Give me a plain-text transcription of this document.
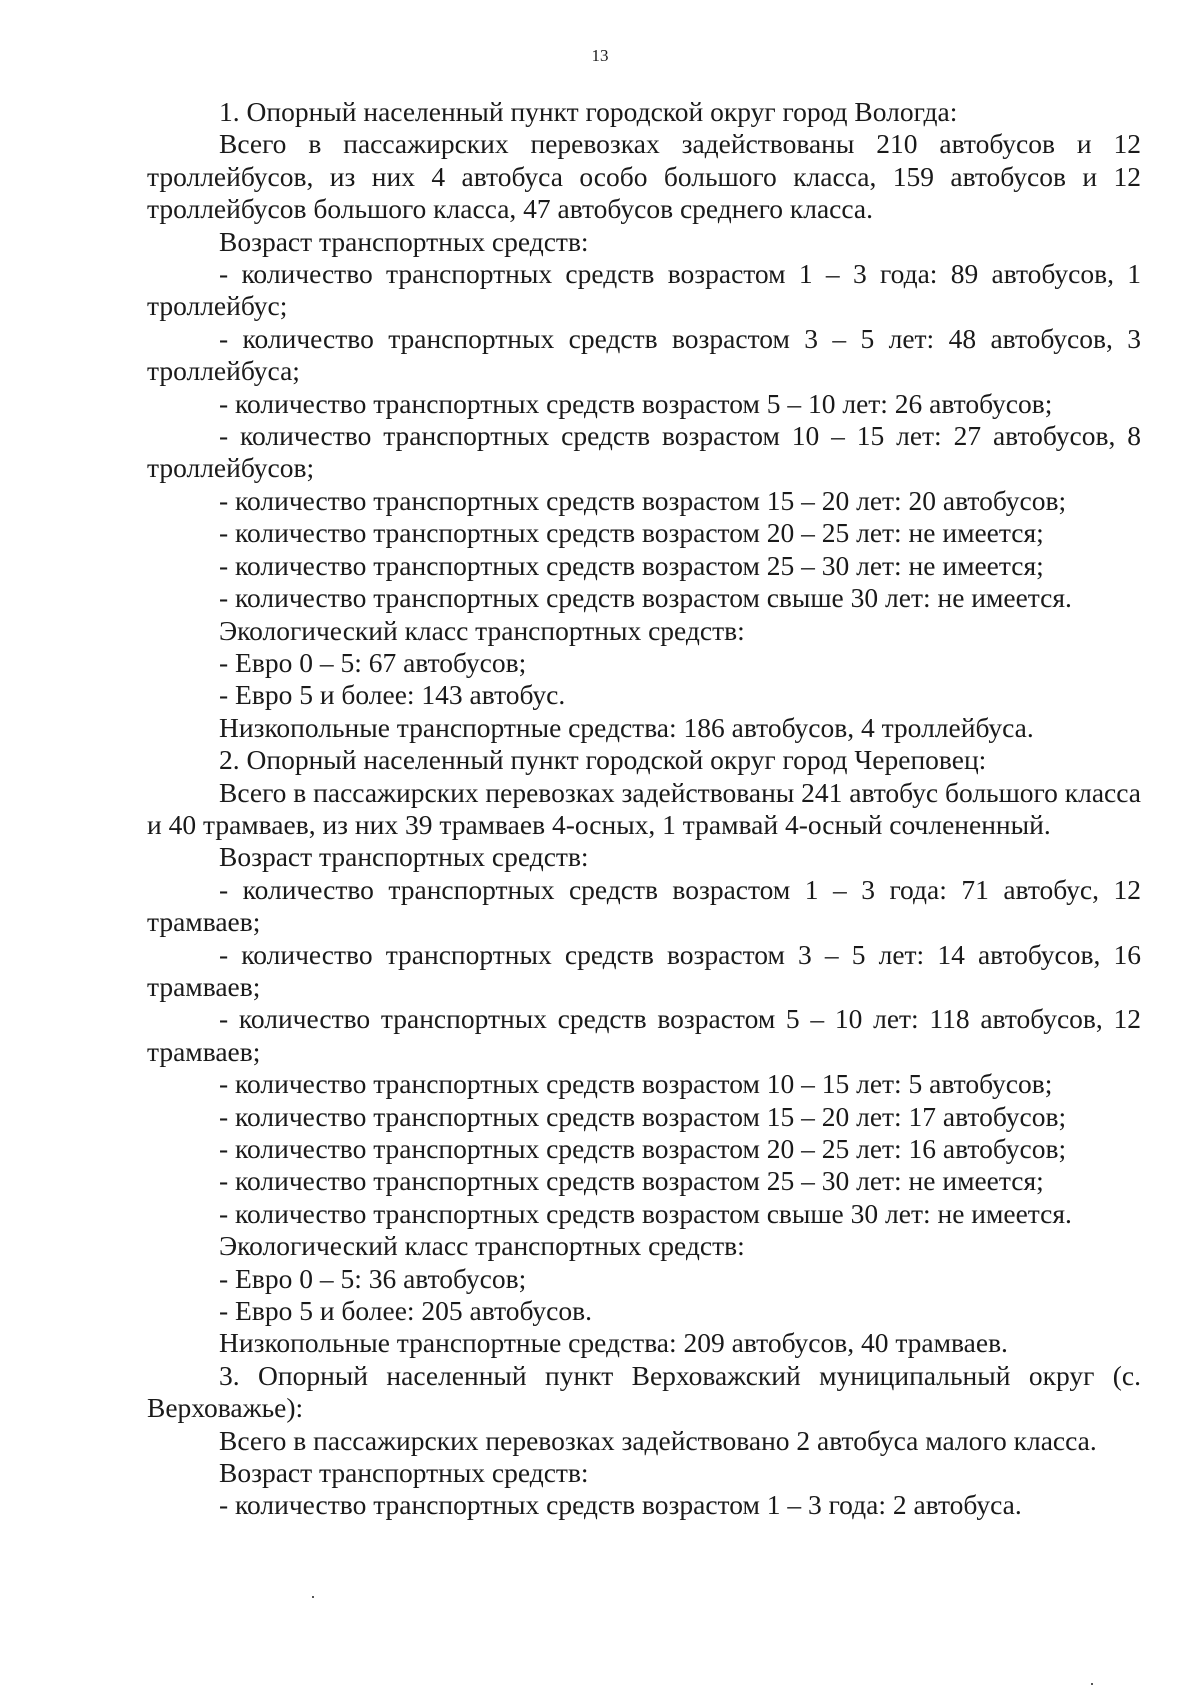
13

1. Опорный населенный пункт городской округ город Вологда:

Всего в пассажирских перевозках задействованы 210 автобусов и 12 троллейбусов, из них 4 автобуса особо большого класса, 159 автобусов и 12 троллейбусов большого класса, 47 автобусов среднего класса.

Возраст транспортных средств:

- количество транспортных средств возрастом 1 – 3 года: 89 автобусов, 1 троллейбус;

- количество транспортных средств возрастом 3 – 5 лет: 48 автобусов, 3 троллейбуса;

- количество транспортных средств возрастом 5 – 10 лет: 26 автобусов;

- количество транспортных средств возрастом 10 – 15 лет: 27 автобусов, 8 троллейбусов;

- количество транспортных средств возрастом 15 – 20 лет: 20 автобусов;

- количество транспортных средств возрастом 20 – 25 лет: не имеется;

- количество транспортных средств возрастом 25 – 30 лет: не имеется;

- количество транспортных средств возрастом свыше 30 лет: не имеется.

Экологический класс транспортных средств:

- Евро 0 – 5: 67 автобусов;

- Евро 5 и более: 143 автобус.

Низкопольные транспортные средства: 186 автобусов, 4 троллейбуса.

2. Опорный населенный пункт городской округ город Череповец:

Всего в пассажирских перевозках задействованы 241 автобус большого класса и 40 трамваев, из них 39 трамваев 4-осных, 1 трамвай 4-осный сочлененный.

Возраст транспортных средств:

- количество транспортных средств возрастом 1 – 3 года: 71 автобус, 12 трамваев;

- количество транспортных средств возрастом 3 – 5 лет: 14 автобусов, 16 трамваев;

- количество транспортных средств возрастом 5 – 10 лет: 118 автобусов, 12 трамваев;

- количество транспортных средств возрастом 10 – 15 лет: 5 автобусов;

- количество транспортных средств возрастом 15 – 20 лет: 17 автобусов;

- количество транспортных средств возрастом 20 – 25 лет: 16 автобусов;

- количество транспортных средств возрастом 25 – 30 лет: не имеется;

- количество транспортных средств возрастом свыше 30 лет: не имеется.

Экологический класс транспортных средств:

- Евро 0 – 5: 36 автобусов;

- Евро 5 и более: 205 автобусов.

Низкопольные транспортные средства: 209 автобусов, 40 трамваев.

3. Опорный населенный пункт Верховажский муниципальный округ (с. Верховажье):

Всего в пассажирских перевозках задействовано 2 автобуса малого класса.

Возраст транспортных средств:

- количество транспортных средств возрастом 1 – 3 года: 2 автобуса.
